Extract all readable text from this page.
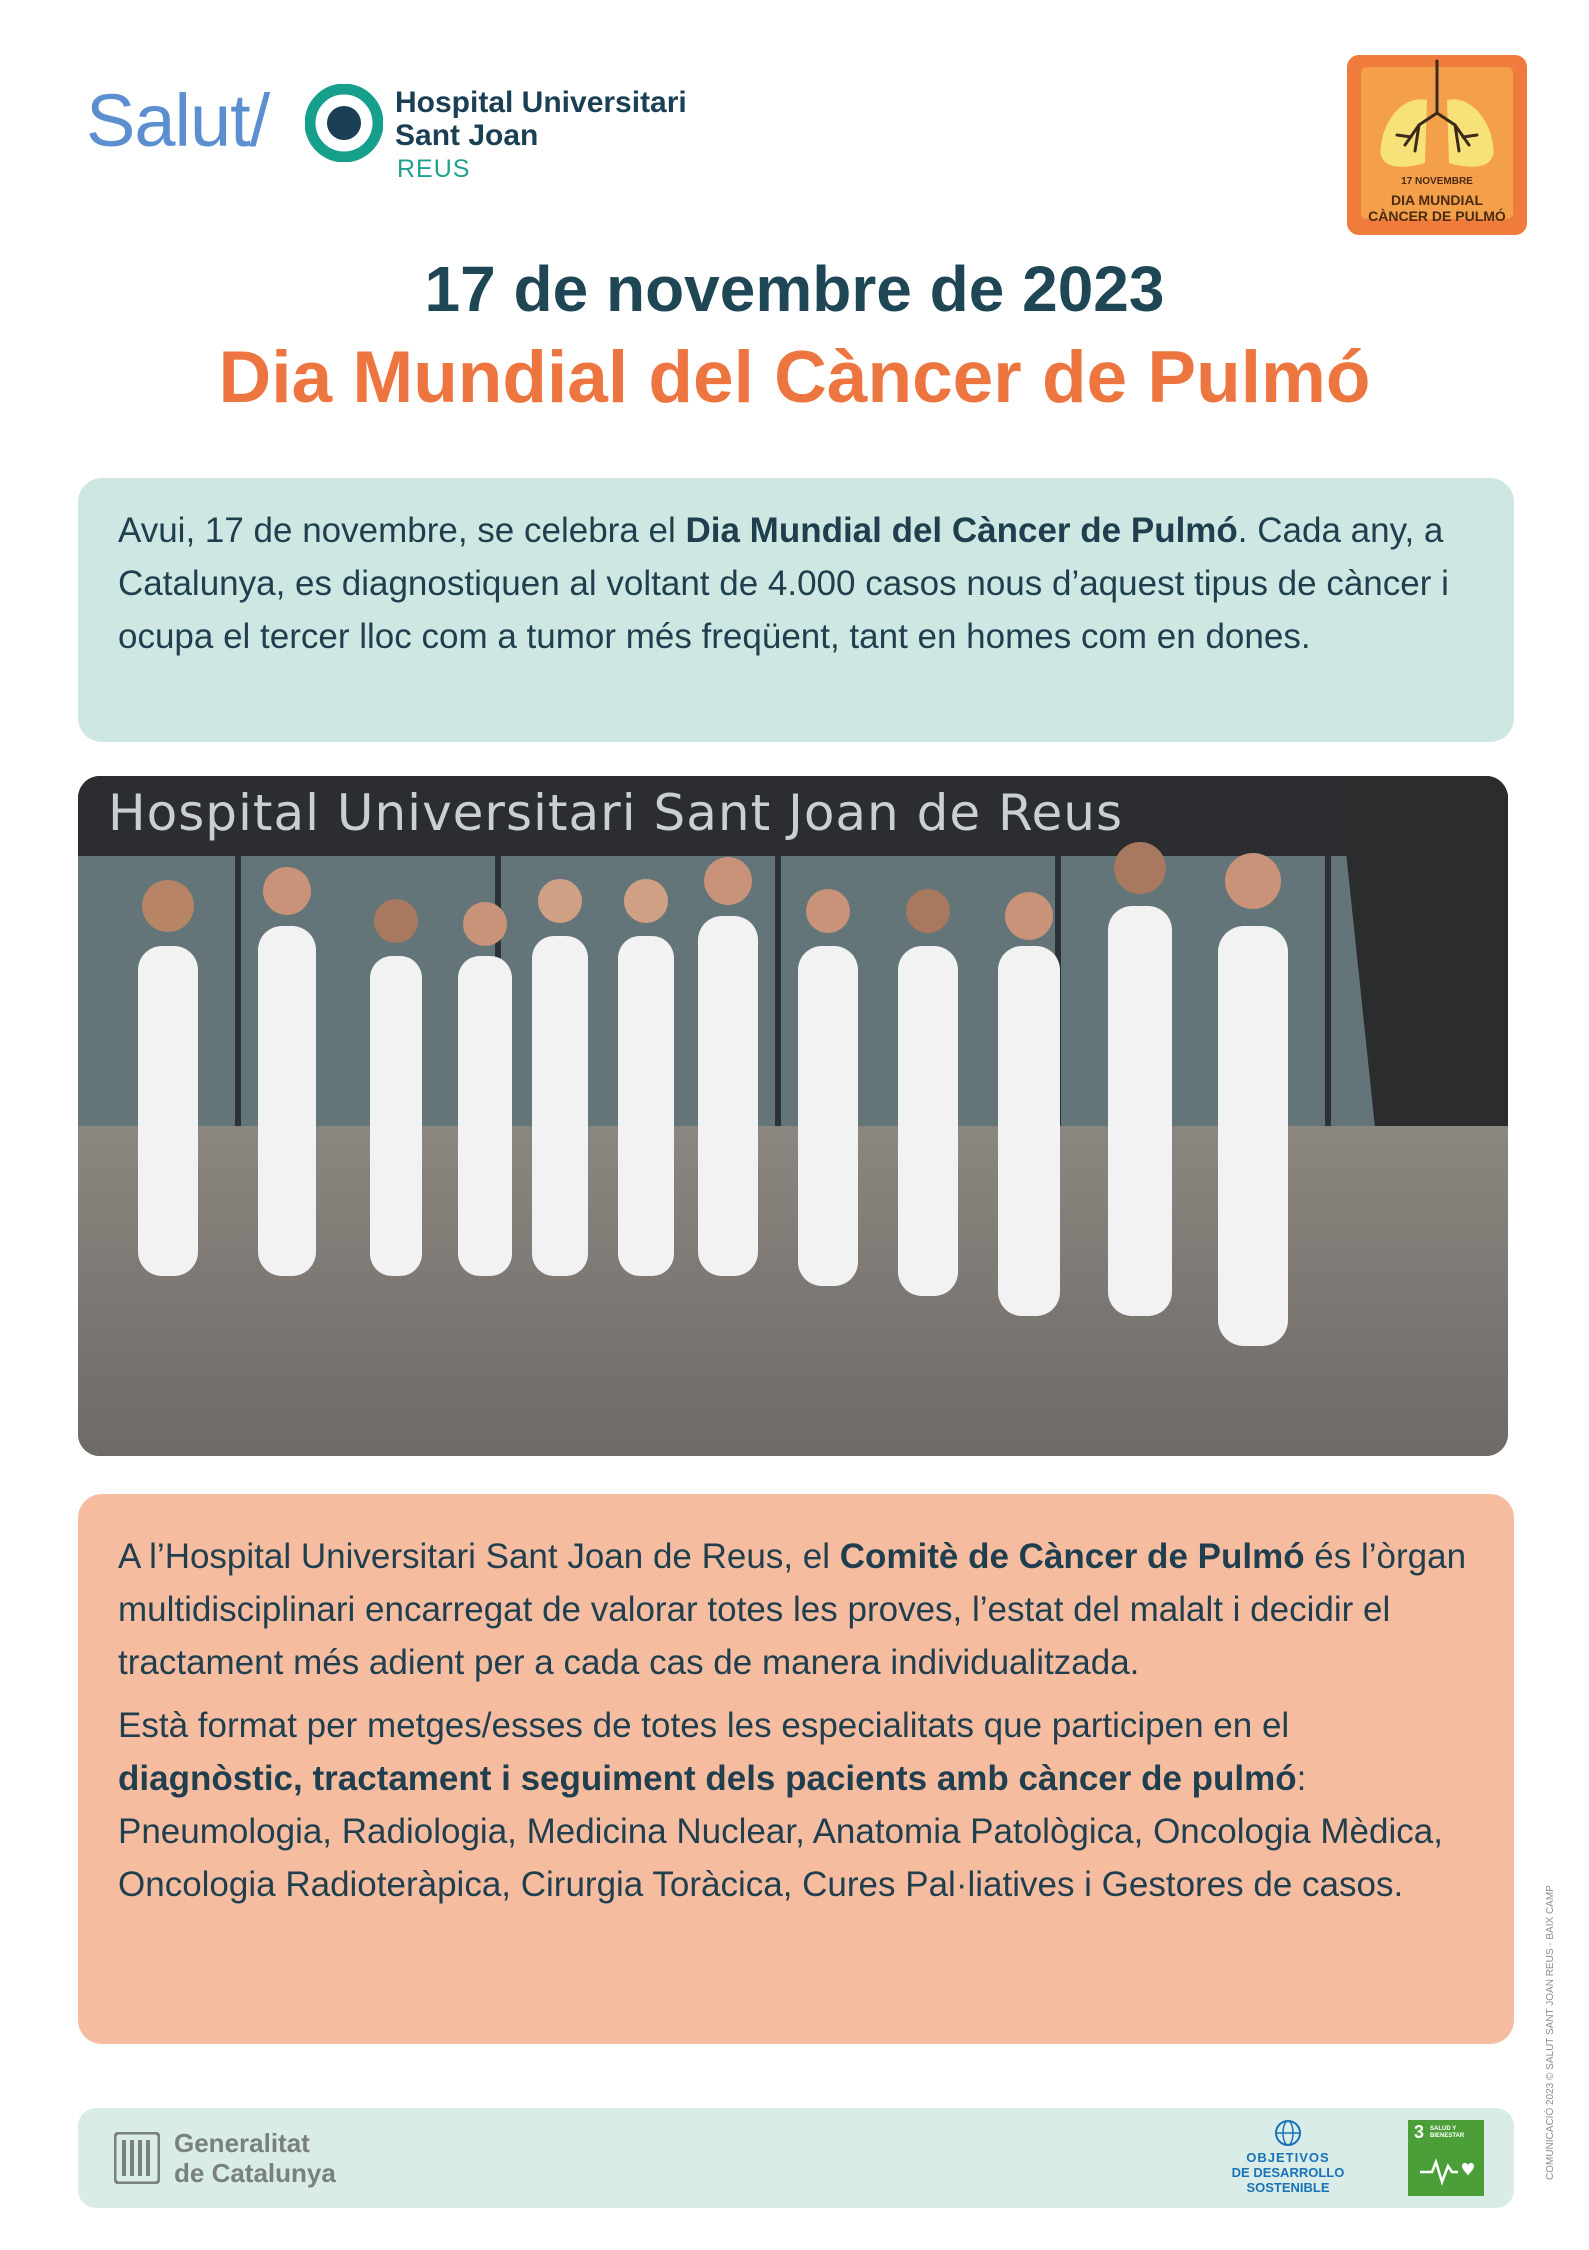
Salut/	Hospital Universitari
Sant Joan
REUS	17 NOVEMBRE
DIA MUNDIAL
CÀNCER DE PULMÓ
17 de novembre de 2023
Dia Mundial del Càncer de Pulmó

Avui, 17 de novembre, se celebra el Dia Mundial del Càncer de Pulmó. Cada any, a Catalunya, es diagnostiquen al voltant de 4.000 casos nous d’aquest tipus de càncer i ocupa el tercer lloc com a tumor més freqüent, tant en homes com en dones.

Hospital Universitari Sant Joan de Reus

A l’Hospital Universitari Sant Joan de Reus, el Comitè de Càncer de Pulmó és l’òrgan multidisciplinari encarregat de valorar totes les proves, l’estat del malalt i decidir el tractament més adient per a cada cas de manera individualitzada.

Està format per metges/esses de totes les especialitats que participen en el diagnòstic, tractament i seguiment dels pacients amb càncer de pulmó: Pneumologia, Radiologia, Medicina Nuclear, Anatomia Patològica, Oncologia Mèdica, Oncologia Radioteràpica, Cirurgia Toràcica, Cures Pal·liatives i Gestores de casos.

Generalitat
de Catalunya
OBJETIVOS
DE DESARROLLO
SOSTENIBLE
3 SALUD Y BIENESTAR	COMUNICACIÓ 2023 © SALUT SANT JOAN REUS - BAIX CAMP
